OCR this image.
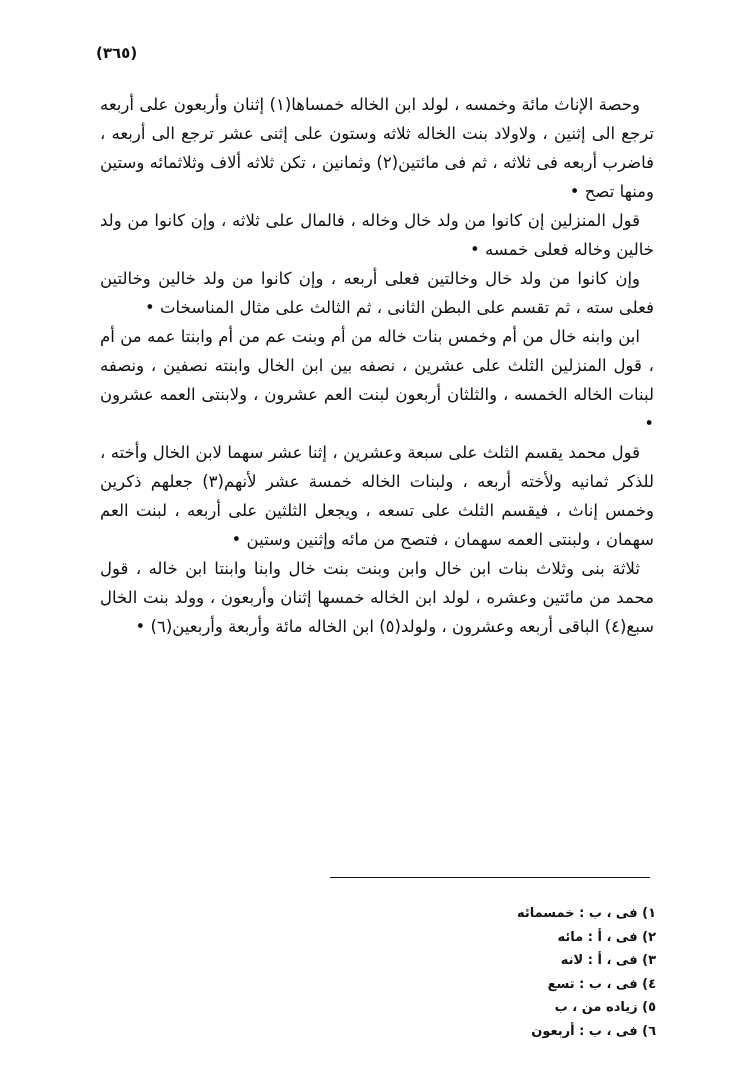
(٣٦٥)

وحصة الإناث مائة وخمسه ، لولد ابن الخاله خمساها(١) إثنان وأربعون على أربعه ترجع الى إثنين ، ولاولاد بنت الخاله ثلاثه وستون على إثنى عشر ترجع الى أربعه ، فاضرب أربعه فى ثلاثه ، ثم فى مائتين(٢) وثمانين ، تكن ثلاثه ألاف وثلاثمائه وستين ومنها تصح •

قول المنزلين إن كانوا من ولد خال وخاله ، فالمال على ثلاثه ، وإن كانوا من ولد خالين وخاله فعلى خمسه •

وإن كانوا من ولد خال وخالتين فعلى أربعه ، وإن كانوا من ولد خالين وخالتين فعلى سته ، ثم تقسم على البطن الثانى ، ثم الثالث على مثال المناسخات •

ابن وابنه خال من أم وخمس بنات خاله من أم وبنت عم من أم وابنتا عمه من أم ، قول المنزلين الثلث على عشرين ، نصفه بين ابن الخال وابنته نصفين ، ونصفه لبنات الخاله الخمسه ، والثلثان أربعون لبنت العم عشرون ، ولابنتى العمه عشرون •

قول محمد يقسم الثلث على سبعة وعشرين ، إثنا عشر سهما لابن الخال وأخته ، للذكر ثمانيه ولأخته أربعه ، ولبنات الخاله خمسة عشر لأنهم(٣) جعلهم ذكرين وخمس إناث ، فيقسم الثلث على تسعه ، ويجعل الثلثين على أربعه ، لبنت العم سهمان ، ولبنتى العمه سهمان ، فتصح من مائه وإثنين وستين •

ثلاثة بنى وثلاث بنات ابن خال وابن وبنت بنت خال وابنا وابنتا ابن خاله ، قول محمد من مائتين وعشره ، لولد ابن الخاله خمسها إثنان وأربعون ، وولد بنت الخال سبع(٤) الباقى أربعه وعشرون ، ولولد(٥) ابن الخاله مائة وأربعة وأربعين(٦) •

١) فى ، ب : خمسمائه
٢) فى ، أ : مائه
٣) فى ، أ : لانه
٤) فى ، ب : تسع
٥) زياده من ، ب
٦) فى ، ب : أربعون
